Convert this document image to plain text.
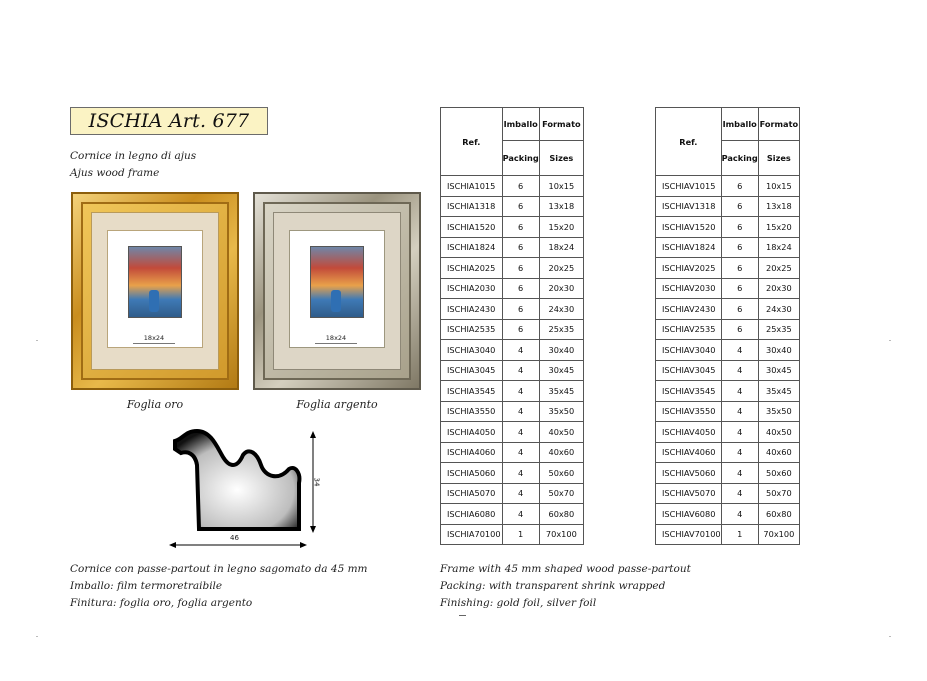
ISCHIA Art. 677
Cornice in legno di ajus
Ajus wood frame
18x24
Foglia oro
18x24
Foglia argento
46
34
Cornice con passe-partout in legno sagomato da 45 mm
Imballo: film termoretraibile
Finitura: foglia oro, foglia argento
Frame with 45 mm shaped wood passe-partout
Packing: with transparent shrink wrapped
Finishing: gold foil, silver foil
Ref.	Imballo	Formato
	Packing	Sizes
ISCHIA1015	6	10x15
ISCHIA1318	6	13x18
ISCHIA1520	6	15x20
ISCHIA1824	6	18x24
ISCHIA2025	6	20x25
ISCHIA2030	6	20x30
ISCHIA2430	6	24x30
ISCHIA2535	6	25x35
ISCHIA3040	4	30x40
ISCHIA3045	4	30x45
ISCHIA3545	4	35x45
ISCHIA3550	4	35x50
ISCHIA4050	4	40x50
ISCHIA4060	4	40x60
ISCHIA5060	4	50x60
ISCHIA5070	4	50x70
ISCHIA6080	4	60x80
ISCHIA70100	1	70x100
Ref.	Imballo	Formato
	Packing	Sizes
ISCHIAV1015	6	10x15
ISCHIAV1318	6	13x18
ISCHIAV1520	6	15x20
ISCHIAV1824	6	18x24
ISCHIAV2025	6	20x25
ISCHIAV2030	6	20x30
ISCHIAV2430	6	24x30
ISCHIAV2535	6	25x35
ISCHIAV3040	4	30x40
ISCHIAV3045	4	30x45
ISCHIAV3545	4	35x45
ISCHIAV3550	4	35x50
ISCHIAV4050	4	40x50
ISCHIAV4060	4	40x60
ISCHIAV5060	4	50x60
ISCHIAV5070	4	50x70
ISCHIAV6080	4	60x80
ISCHIAV70100	1	70x100
